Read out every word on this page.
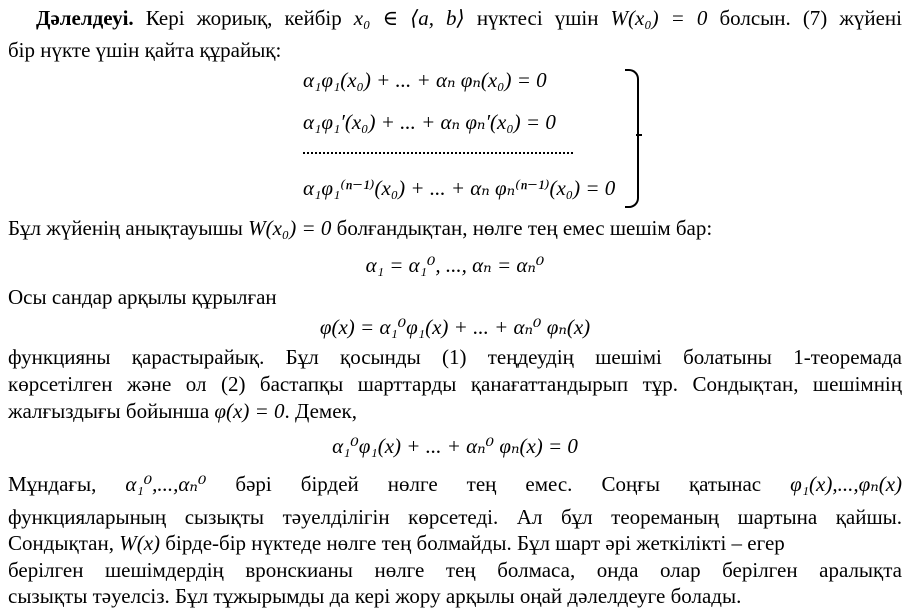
Дәлелдеуі. Кері жориық, кейбір x₀ ∈ ⟨a, b⟩ нүктесі үшін W(x₀) = 0 болсын. (7) жүйені
бір нүкте үшін қайта құрайық:
α₁φ₁(x₀) + ... + αₙ φₙ(x₀) = 0
α₁φ₁′(x₀) + ... + αₙ φₙ′(x₀) = 0
α₁φ₁⁽ⁿ⁻¹⁾(x₀) + ... + αₙ φₙ⁽ⁿ⁻¹⁾(x₀) = 0
Бұл жүйенің анықтауышы W(x₀) = 0 болғандықтан, нөлге тең емес шешім бар:
α₁ = α₁⁰, ..., αₙ = αₙ⁰
Осы сандар арқылы құрылған
φ(x) = α₁⁰φ₁(x) + ... + αₙ⁰ φₙ(x)
функцияны қарастырайық. Бұл қосынды (1) теңдеудің шешімі болатыны 1-теоремада
көрсетілген және ол (2) бастапқы шарттарды қанағаттандырып тұр. Сондықтан, шешімнің
жалғыздығы бойынша φ(x) = 0. Демек,
α₁⁰φ₁(x) + ... + αₙ⁰ φₙ(x) = 0
Мұндағы, α₁⁰,...,αₙ⁰ бәрі бірдей нөлге тең емес. Соңғы қатынас φ₁(x),...,φₙ(x)
функцияларының сызықты тәуелділігін көрсетеді. Ал бұл теореманың шартына қайшы.
Сондықтан, W(x) бірде-бір нүктеде нөлге тең болмайды. Бұл шарт әрі жеткілікті – егер
берілген шешімдердің вронскианы нөлге тең болмаса, онда олар берілген аралықта
сызықты тәуелсіз. Бұл тұжырымды да кері жору арқылы оңай дәлелдеуге болады.
